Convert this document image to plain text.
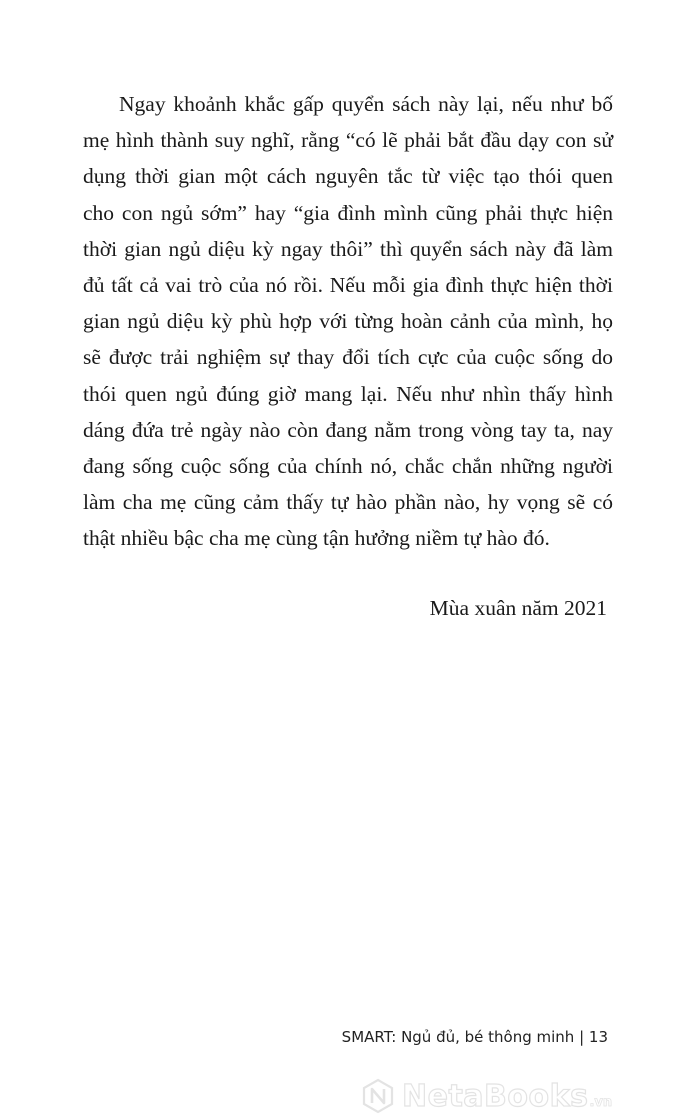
Ngay khoảnh khắc gấp quyển sách này lại, nếu như bố
mẹ hình thành suy nghĩ, rằng “có lẽ phải bắt đầu dạy con sử
dụng thời gian một cách nguyên tắc từ việc tạo thói quen
cho con ngủ sớm” hay “gia đình mình cũng phải thực hiện
thời gian ngủ diệu kỳ ngay thôi” thì quyển sách này đã làm
đủ tất cả vai trò của nó rồi. Nếu mỗi gia đình thực hiện thời
gian ngủ diệu kỳ phù hợp với từng hoàn cảnh của mình, họ
sẽ được trải nghiệm sự thay đổi tích cực của cuộc sống do
thói quen ngủ đúng giờ mang lại. Nếu như nhìn thấy hình
dáng đứa trẻ ngày nào còn đang nằm trong vòng tay ta, nay
đang sống cuộc sống của chính nó, chắc chắn những người
làm cha mẹ cũng cảm thấy tự hào phần nào, hy vọng sẽ có
thật nhiều bậc cha mẹ cùng tận hưởng niềm tự hào đó.

Mùa xuân năm 2021

SMART: Ngủ đủ, bé thông minh | 13

NetaBooks .vn
